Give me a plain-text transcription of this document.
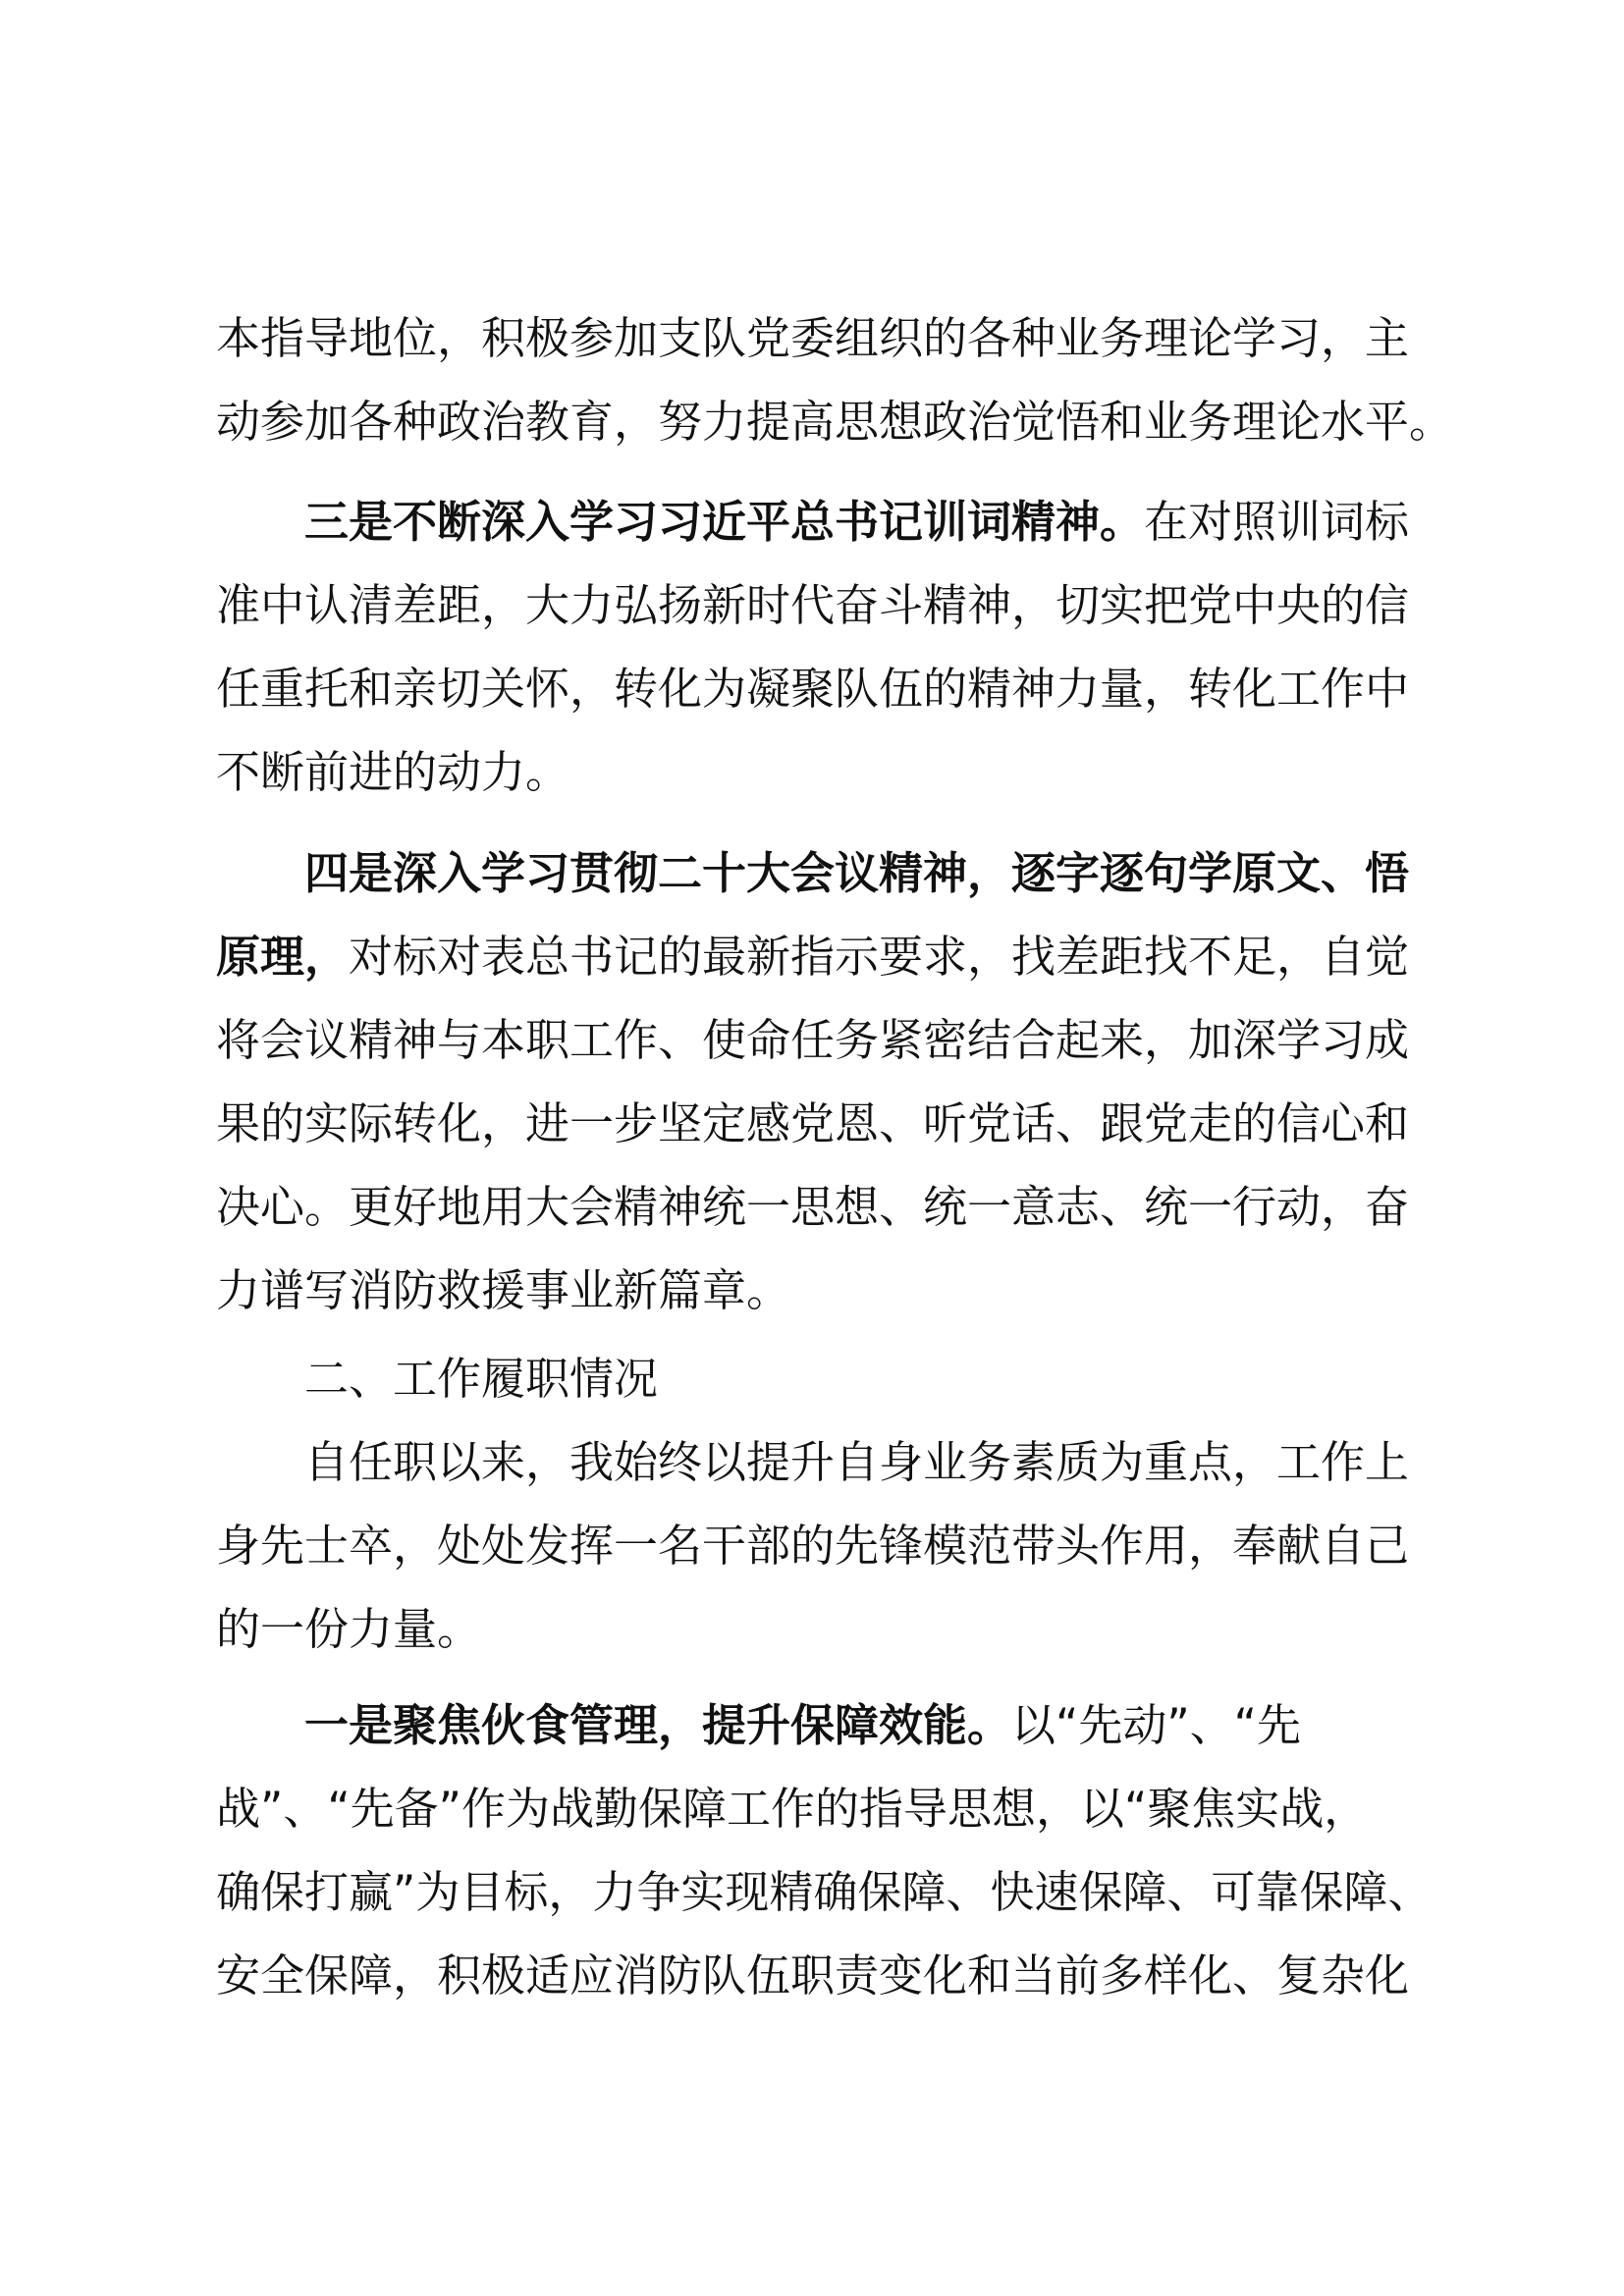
本指导地位，积极参加支队党委组织的各种业务理论学习，主
动参加各种政治教育，努力提高思想政治觉悟和业务理论水平。
三是不断深入学习习近平总书记训词精神。在对照训词标
准中认清差距，大力弘扬新时代奋斗精神，切实把党中央的信
任重托和亲切关怀，转化为凝聚队伍的精神力量，转化工作中
不断前进的动力。
四是深入学习贯彻二十大会议精神，逐字逐句学原文、悟
原理，对标对表总书记的最新指示要求，找差距找不足，自觉
将会议精神与本职工作、使命任务紧密结合起来，加深学习成
果的实际转化，进一步坚定感党恩、听党话、跟党走的信心和
决心。更好地用大会精神统一思想、统一意志、统一行动，奋
力谱写消防救援事业新篇章。
二、工作履职情况
自任职以来，我始终以提升自身业务素质为重点，工作上
身先士卒，处处发挥一名干部的先锋模范带头作用，奉献自己
的一份力量。
一是聚焦伙食管理，提升保障效能。以“先动”、“先
战”、“先备”作为战勤保障工作的指导思想，以“聚焦实战，
确保打赢”为目标，力争实现精确保障、快速保障、可靠保障、
安全保障，积极适应消防队伍职责变化和当前多样化、复杂化
